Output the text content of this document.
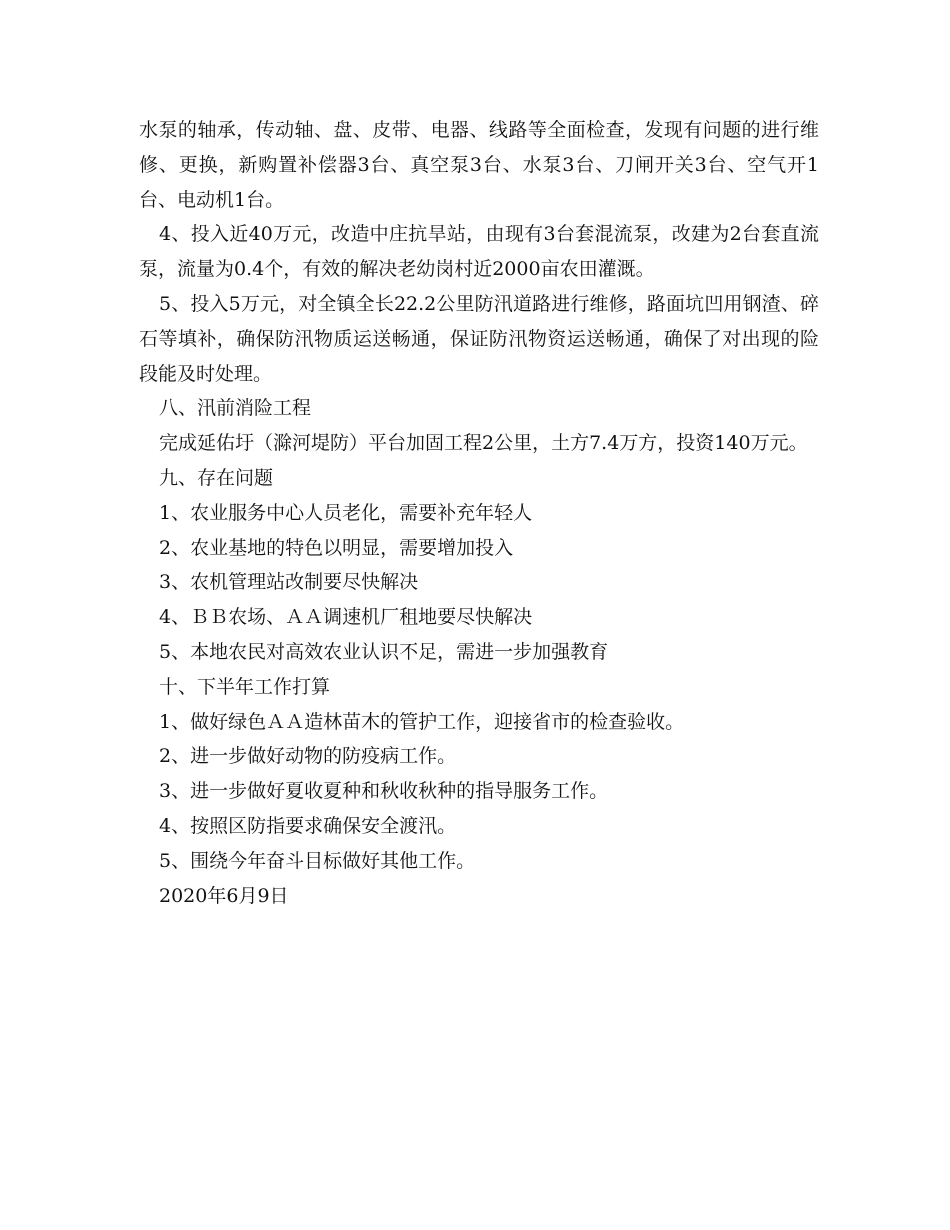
水泵的轴承，传动轴、盘、皮带、电器、线路等全面检查，发现有问题的进行维修、更换，新购置补偿器3台、真空泵3台、水泵3台、刀闸开关3台、空气开1台、电动机1台。

4、投入近40万元，改造中庄抗旱站，由现有3台套混流泵，改建为2台套直流泵，流量为0.4个，有效的解决老幼岗村近2000亩农田灌溉。

5、投入5万元，对全镇全长22.2公里防汛道路进行维修，路面坑凹用钢渣、碎石等填补，确保防汛物质运送畅通，保证防汛物资运送畅通，确保了对出现的险段能及时处理。

八、汛前消险工程

完成延佑圩（滁河堤防）平台加固工程2公里，土方7.4万方，投资140万元。

九、存在问题

1、农业服务中心人员老化，需要补充年轻人

2、农业基地的特色以明显，需要增加投入

3、农机管理站改制要尽快解决

4、ＢＢ农场、ＡＡ调速机厂租地要尽快解决

5、本地农民对高效农业认识不足，需进一步加强教育

十、下半年工作打算

1、做好绿色ＡＡ造林苗木的管护工作，迎接省市的检查验收。

2、进一步做好动物的防疫病工作。

3、进一步做好夏收夏种和秋收秋种的指导服务工作。

4、按照区防指要求确保安全渡汛。

5、围绕今年奋斗目标做好其他工作。

2020年6月9日
